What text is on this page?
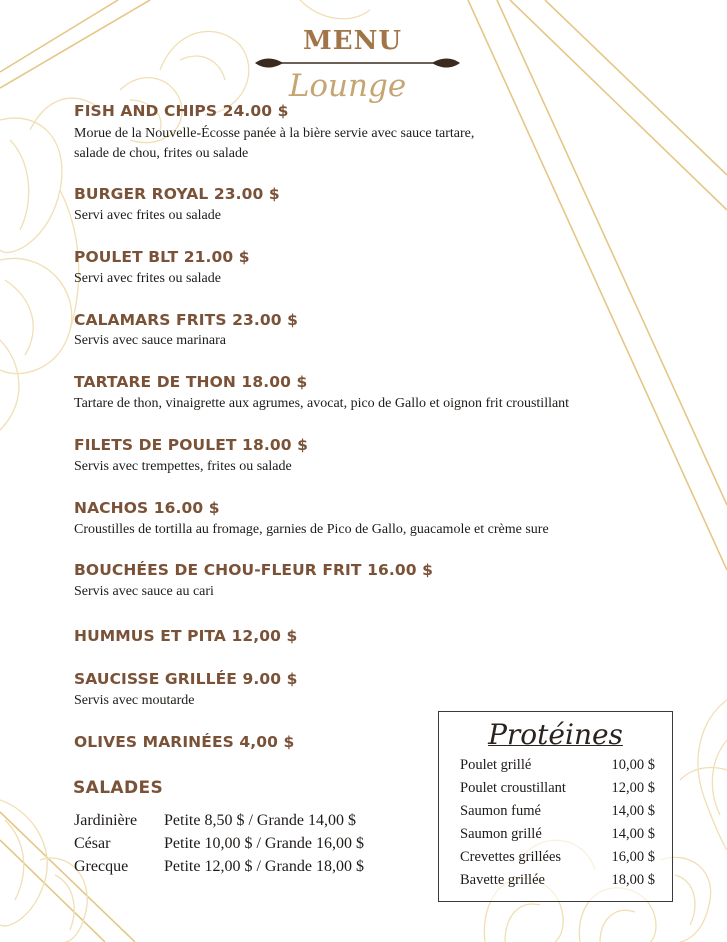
MENU
Lounge
FISH AND CHIPS 24.00 $
Morue de la Nouvelle-Écosse panée à la bière servie avec sauce tartare,
salade de chou, frites ou salade
BURGER ROYAL 23.00 $
Servi avec frites ou salade
POULET BLT 21.00 $
Servi avec frites ou salade
CALAMARS FRITS 23.00 $
Servis avec sauce marinara
TARTARE DE THON 18.00 $
Tartare de thon, vinaigrette aux agrumes, avocat, pico de Gallo et oignon frit croustillant
FILETS DE POULET 18.00 $
Servis avec trempettes, frites ou salade
NACHOS 16.00 $
Croustilles de tortilla au fromage, garnies de Pico de Gallo, guacamole et crème sure
BOUCHÉES DE CHOU-FLEUR FRIT 16.00 $
Servis avec sauce au cari
HUMMUS ET PITA 12,00 $
SAUCISSE GRILLÉE 9.00 $
Servis avec moutarde
OLIVES MARINÉES 4,00 $
SALADES
Jardinière Petite 8,50 $ / Grande 14,00 $
César	Petite 10,00 $ / Grande 16,00 $
Grecque Petite 12,00 $ / Grande 18,00 $
Protéines
Poulet grillé	10,00 $
Poulet croustillant	12,00 $
Saumon fumé	14,00 $
Saumon grillé	14,00 $
Crevettes grillées	16,00 $
Bavette grillée	18,00 $
